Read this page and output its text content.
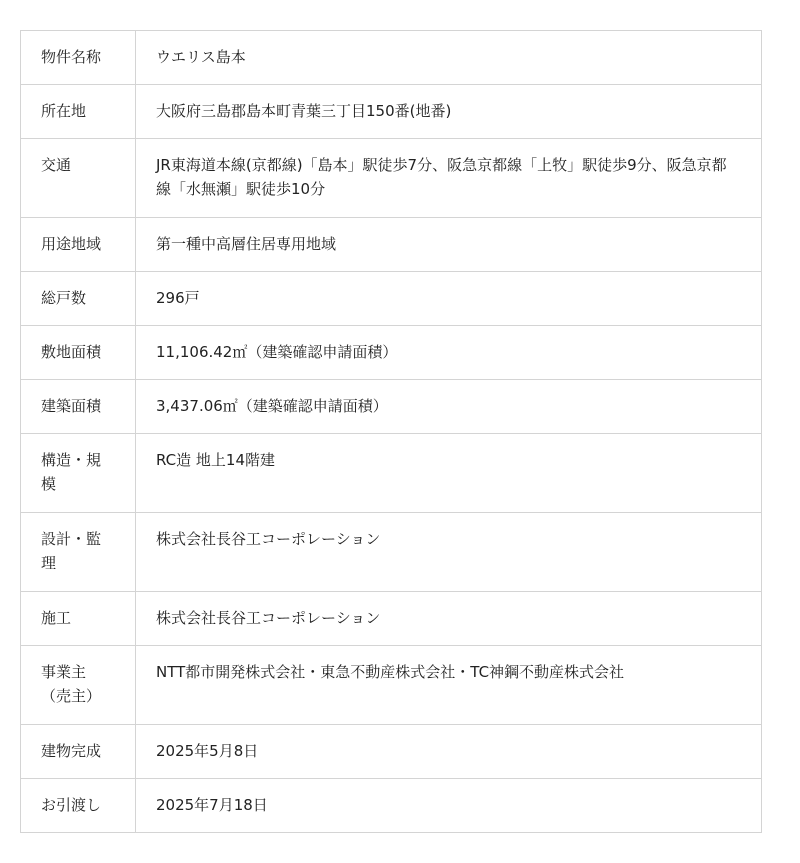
物件名称	ウエリス島本
所在地	大阪府三島郡島本町青葉三丁目150番(地番)
交通	JR東海道本線(京都線)「島本」駅徒歩7分、阪急京都線「上牧」駅徒歩9分、阪急京都線「水無瀬」駅徒歩10分
用途地域	第一種中高層住居専用地域
総戸数	296戸
敷地面積	11,106.42㎡（建築確認申請面積）
建築面積	3,437.06㎡（建築確認申請面積）
構造・規模	RC造 地上14階建
設計・監理	株式会社長谷工コーポレーション
施工	株式会社長谷工コーポレーション
事業主（売主）	NTT都市開発株式会社・東急不動産株式会社・TC神鋼不動産株式会社
建物完成	2025年5月8日
お引渡し	2025年7月18日
